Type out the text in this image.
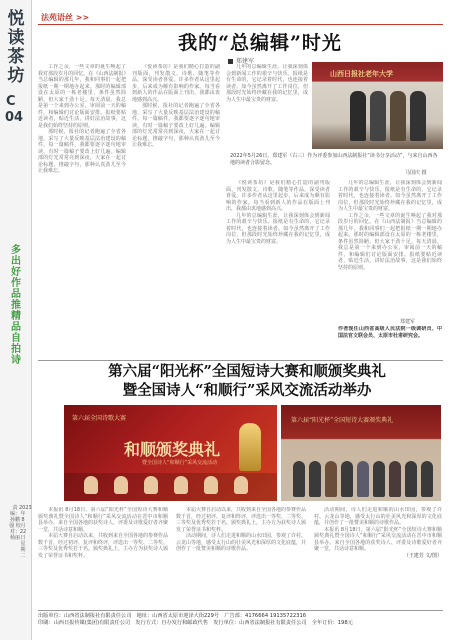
悦读茶坊
C
04
多出好作品 推精品 自拍诗
责编：孙鹏强 校对：杨丽
2023年8月22日 星期二
法苑语丝 >>
我的“总编辑”时光
郑建军

工作之余，一些文章的诞生唤起了我对那段岁月的回忆。在《山西法制报》当总编辑的那几年，我和同事们一起把报纸一期一期地办起来。那时的编辑部设在太原的一栋老楼里，条件虽然简陋，但大家干劲十足。每天清晨，我总是第一个来到办公室，审阅前一天的稿件，和编辑们讨论版面安排。报纸要贴近读者，贴近生活，讲好法治故事，这是我们始终坚持的原则。

那时候，报社的记者跑遍了全省各地，采写了大量反映基层法治建设的稿件。每一篇稿件，我都要逐字逐句地审读，有时一篇稿子要改上好几遍。编辑部的灯光常常亮到深夜，大家在一起讨论标题、推敲字句，那种认真劲儿至今让我难忘。

《悦读茶坊》是我们精心打造的副刊版面，刊发散文、诗歌、随笔等作品，深受读者喜爱。许多作者从这里起步，后来成为颇有影响的作家。每当看到新人的作品在版面上刊出，我都由衷地感到高兴。

那时候，报社的记者跑遍了全省各地，采写了大量反映基层法治建设的稿件。每一篇稿件，我都要逐字逐句地审读，有时一篇稿子要改上好几遍。编辑部的灯光常常亮到深夜，大家在一起讨论标题、推敲字句，那种认真劲儿至今让我难忘。

几年的总编辑生涯，让我深刻体会到新闻工作的艰辛与快乐。报纸是有生命的，它记录着时代，也连接着读者。如今虽然离开了工作岗位，但那段时光始终珍藏在我的记忆里，成为人生中最宝贵的财富。

《悦读茶坊》是我们精心打造的副刊版面，刊发散文、诗歌、随笔等作品，深受读者喜爱。许多作者从这里起步，后来成为颇有影响的作家。每当看到新人的作品在版面上刊出，我都由衷地感到高兴。

几年的总编辑生涯，让我深刻体会到新闻工作的艰辛与快乐。报纸是有生命的，它记录着时代，也连接着读者。如今虽然离开了工作岗位，但那段时光始终珍藏在我的记忆里，成为人生中最宝贵的财富。

几年的总编辑生涯，让我深刻体会到新闻工作的艰辛与快乐。报纸是有生命的，它记录着时代，也连接着读者。如今虽然离开了工作岗位，但那段时光始终珍藏在我的记忆里，成为人生中最宝贵的财富。

工作之余，一些文章的诞生唤起了我对那段岁月的回忆。在《山西法制报》当总编辑的那几年，我和同事们一起把报纸一期一期地办起来。那时的编辑部设在太原的一栋老楼里，条件虽然简陋，但大家干劲十足。每天清晨，我总是第一个来到办公室，审阅前一天的稿件，和编辑们讨论版面安排。报纸要贴近读者，贴近生活，讲好法治故事，这是我们始终坚持的原则。

作者现任山西省高级人民法院一级调研员、中国法官文联会员、太原市杜甫研究会。
郑建军
山西日报社老年大学
2022年5月26日，郑建军（右三）作为评委参加山西法制报社“读书分享活动”，与来自山西各地的读者合影留念。
马国庆 摄
第六届“阳光杯”全国短诗大赛和顺颁奖典礼
暨全国诗人“和顺行”采风交流活动举办
第六届全国诗歌大赛
和顺颁奖典礼
暨全国诗人“和顺行”采风交流活动
第六届“阳光杯”全国短诗大赛颁奖典礼

本报讯 8月18日，第六届“阳光杯”全国短诗大赛和顺颁奖典礼暨全国诗人“和顺行”采风交流活动在晋中市和顺县举办。来自全国各地的获奖诗人、评委及诗歌爱好者齐聚一堂，共话诗意和顺。

本届大赛自启动以来，共收到来自全国各地的参赛作品数千首，经过初评、复评和终评，评选出一等奖、二等奖、三等奖及优秀奖若干名。颁奖典礼上，主办方为获奖诗人颁发了荣誉证书和奖杯。

本届大赛自启动以来，共收到来自全国各地的参赛作品数千首，经过初评、复评和终评，评选出一等奖、二等奖、三等奖及优秀奖若干名。颁奖典礼上，主办方为获奖诗人颁发了荣誉证书和奖杯。

活动期间，诗人们走进和顺的山水田园，参观了许村、云龙山等地，感受太行山的壮美风光和深厚的文化底蕴，并创作了一批赞美和顺的诗歌作品。

活动期间，诗人们走进和顺的山水田园，参观了许村、云龙山等地，感受太行山的壮美风光和深厚的文化底蕴，并创作了一批赞美和顺的诗歌作品。

本报讯 8月18日，第六届“阳光杯”全国短诗大赛和顺颁奖典礼暨全国诗人“和顺行”采风交流活动在晋中市和顺县举办。来自全国各地的获奖诗人、评委及诗歌爱好者齐聚一堂，共话诗意和顺。

（王建芳 文/图）
出版单位：山西省法制报社有限责任公司　地址：山西省太原市迎泽大街229号　广告部：4176664 19135722316
印刷：山西日报传媒(集团)有限责任公司　发行方式：自办发行和邮政代售　发行单位：山西省法制报社有限责任公司　全年订价：198元
